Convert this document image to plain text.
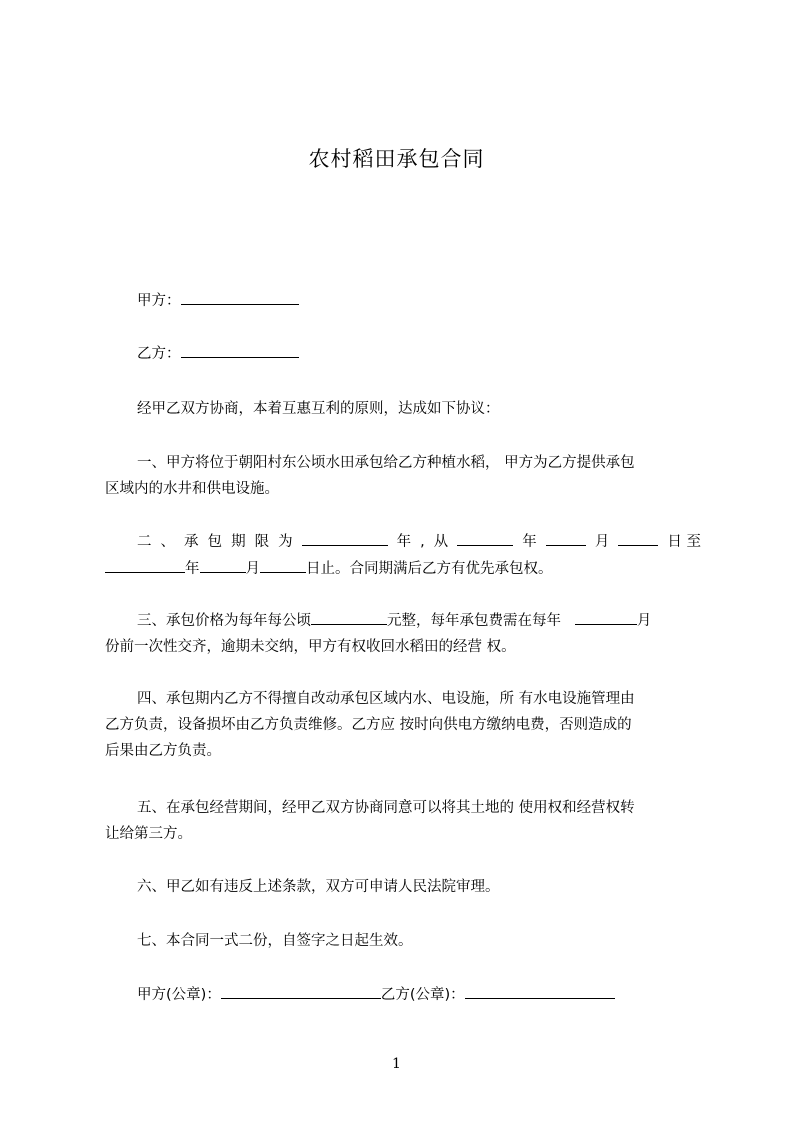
农村稻田承包合同
甲方：
乙方：
经甲乙双方协商，本着互惠互利的原则，达成如下协议：
一、甲方将位于朝阳村东公顷水田承包给乙方种植水稻， 甲方为乙方提供承包
区域内的水井和供电设施。
二 、 承 包 期 限 为	年 , 从	年	月	日 至
年	月	日止。合同期满后乙方有优先承包权。
三、承包价格为每年每公顷	元整，每年承包费需在每年	月
份前一次性交齐，逾期未交纳，甲方有权收回水稻田的经营 权。
四、承包期内乙方不得擅自改动承包区域内水、电设施，所 有水电设施管理由
乙方负责，设备损坏由乙方负责维修。乙方应 按时向供电方缴纳电费，否则造成的
后果由乙方负责。
五、在承包经营期间，经甲乙双方协商同意可以将其土地的 使用权和经营权转
让给第三方。
六、甲乙如有违反上述条款，双方可申请人民法院审理。
七、本合同一式二份，自签字之日起生效。
甲方(公章)：	乙方(公章)：
1
